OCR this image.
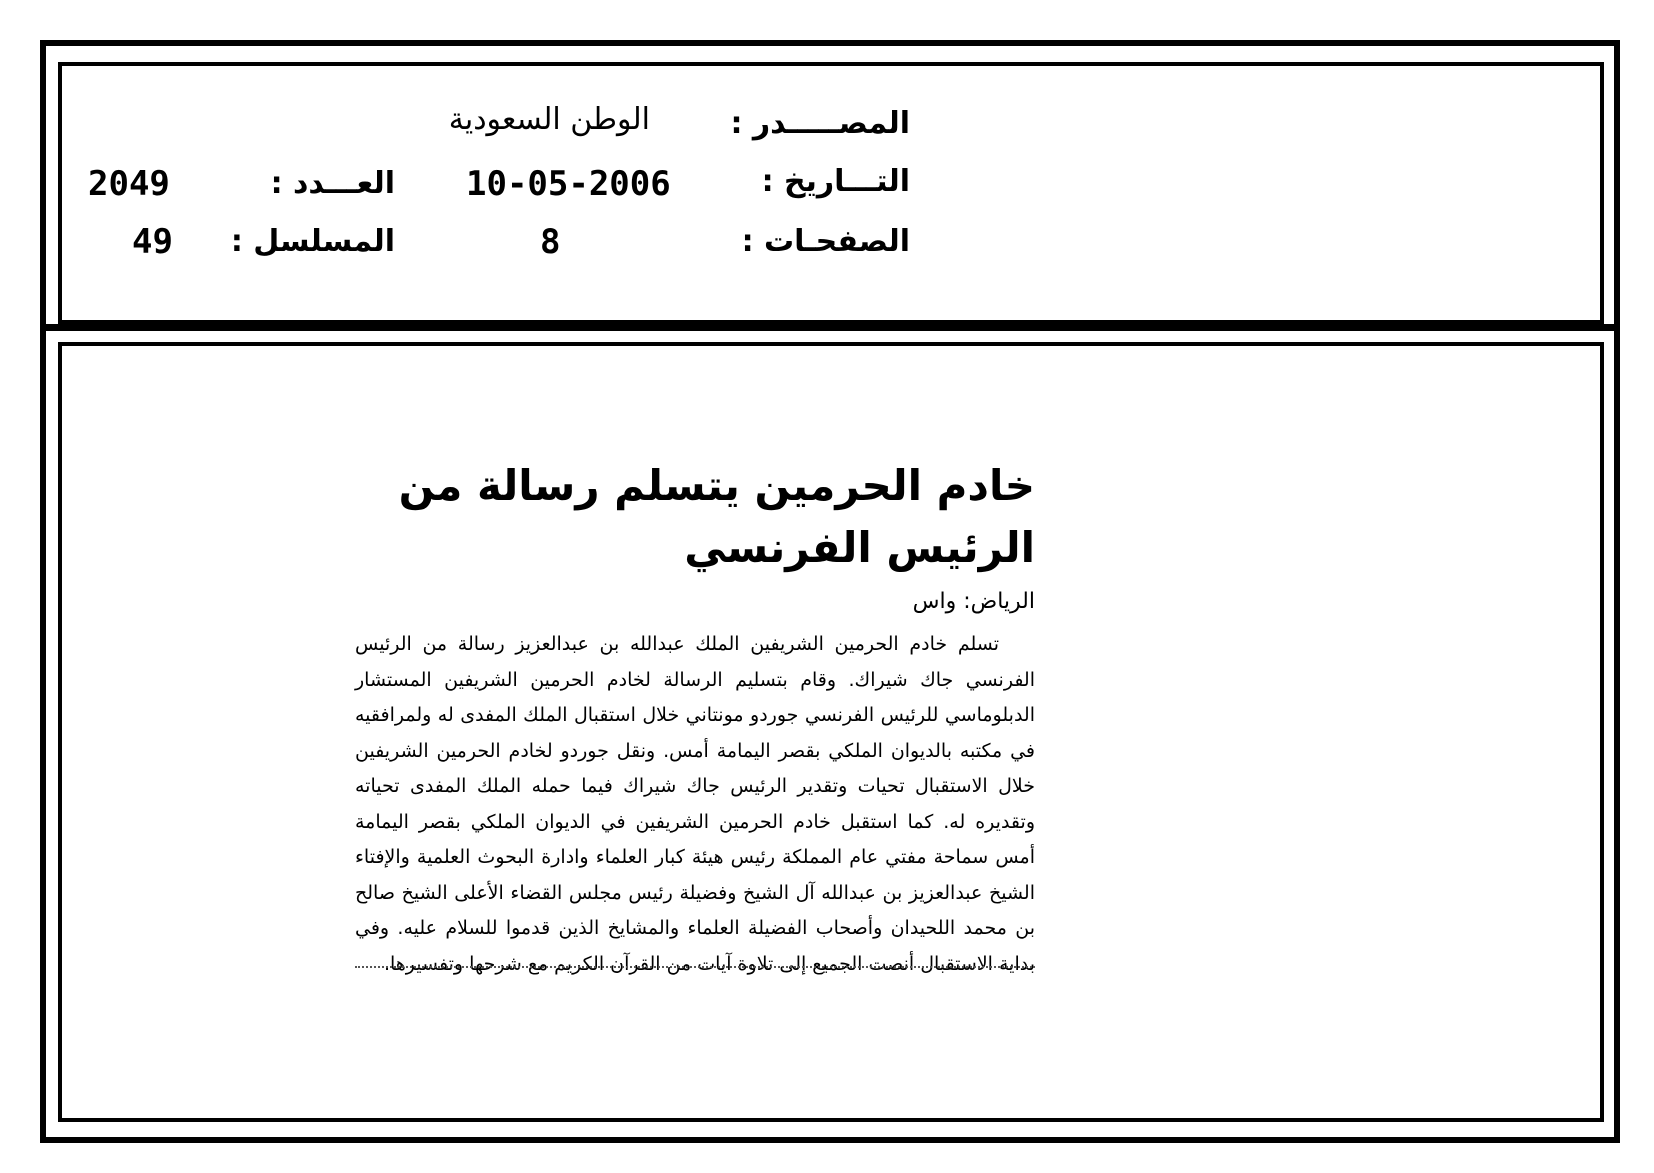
المصـــــدر :
الوطن السعودية
التـــاريخ :
10-05-2006
العـــدد :
2049
الصفحـات :
8
المسلسل :
49
خادم الحرمين يتسلم رسالة من الرئيس الفرنسي
الرياض: واس

تسلم خادم الحرمين الشريفين الملك عبدالله بن عبدالعزيز رسالة من الرئيس الفرنسي جاك شيراك. وقام بتسليم الرسالة لخادم الحرمين الشريفين المستشار الدبلوماسي للرئيس الفرنسي جوردو مونتاني خلال استقبال الملك المفدى له ولمرافقيه في مكتبه بالديوان الملكي بقصر اليمامة أمس. ونقل جوردو لخادم الحرمين الشريفين خلال الاستقبال تحيات وتقدير الرئيس جاك شيراك فيما حمله الملك المفدى تحياته وتقديره له. كما استقبل خادم الحرمين الشريفين في الديوان الملكي بقصر اليمامة أمس سماحة مفتي عام المملكة رئيس هيئة كبار العلماء وادارة البحوث العلمية والإفتاء الشيخ عبدالعزيز بن عبدالله آل الشيخ وفضيلة رئيس مجلس القضاء الأعلى الشيخ صالح بن محمد اللحيدان وأصحاب الفضيلة العلماء والمشايخ الذين قدموا للسلام عليه. وفي بداية الاستقبال أنصت الجميع إلى تلاوة آيات من القرآن الكريم مع شرحها وتفسيرها.
